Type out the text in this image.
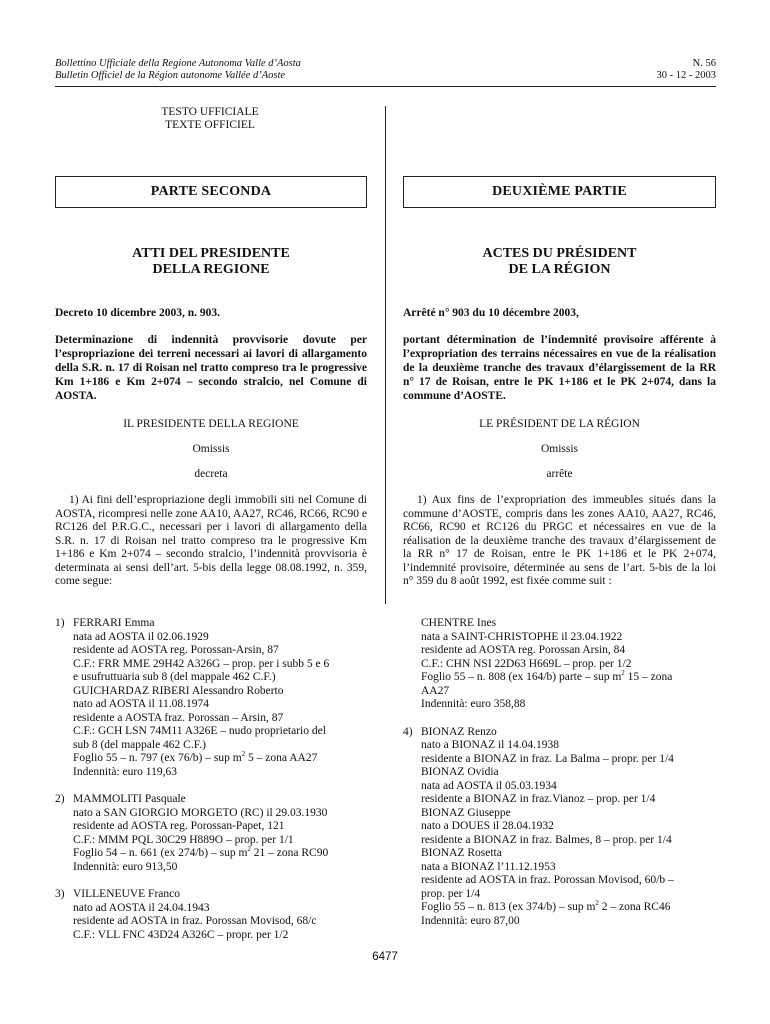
Bollettino Ufficiale della Regione Autonoma Valle d’Aosta
Bulletin Officiel de la Région autonome Vallée d’Aoste
N. 56
30 - 12 - 2003
TESTO UFFICIALE
TEXTE OFFICIEL
PARTE SECONDA	DEUXIÈME PARTIE
ATTI DEL PRESIDENTE
DELLA REGIONE
ACTES DU PRÉSIDENT
DE LA RÉGION
Decreto 10 dicembre 2003, n. 903.	Arrêté n° 903 du 10 décembre 2003,
Determinazione di indennità provvisorie dovute per l’espropriazione dei terreni necessari ai lavori di allargamento della S.R. n. 17 di Roisan nel tratto compreso tra le progressive Km 1+186 e Km 2+074 – secondo stralcio, nel Comune di AOSTA.
portant détermination de l’indemnité provisoire afférente à l’expropriation des terrains nécessaires en vue de la réalisation de la deuxième tranche des travaux d’élargissement de la RR n° 17 de Roisan, entre le PK 1+186 et le PK 2+074, dans la commune d’AOSTE.
IL PRESIDENTE DELLA REGIONE	LE PRÉSIDENT DE LA RÉGION
Omissis	Omissis
decreta	arrête
1) Ai fini dell’espropriazione degli immobili siti nel Comune di AOSTA, ricompresi nelle zone AA10, AA27, RC46, RC66, RC90 e RC126 del P.R.G.C., necessari per i lavori di allargamento della S.R. n. 17 di Roisan nel tratto compreso tra le progressive Km 1+186 e Km 2+074 – secondo stralcio, l’indennità provvisoria è determinata ai sensi dell’art. 5-bis della legge 08.08.1992, n. 359, come segue:
1) Aux fins de l’expropriation des immeubles situés dans la commune d’AOSTE, compris dans les zones AA10, AA27, RC46, RC66, RC90 et RC126 du PRGC et nécessaires en vue de la réalisation de la deuxième tranche des travaux d’élargissement de la RR n° 17 de Roisan, entre le PK 1+186 et le PK 2+074, l’indemnité provisoire, déterminée au sens de l’art. 5-bis de la loi n° 359 du 8 août 1992, est fixée comme suit :
1) FERRARI Emma
nata ad AOSTA il 02.06.1929
residente ad AOSTA reg. Porossan-Arsin, 87
C.F.: FRR MME 29H42 A326G – prop. per i subb 5 e 6
e usufruttuaria sub 8 (del mappale 462 C.F.)
GUICHARDAZ RIBERI Alessandro Roberto
nato ad AOSTA il 11.08.1974
residente a AOSTA fraz. Porossan – Arsin, 87
C.F.: GCH LSN 74M11 A326E – nudo proprietario del
sub 8 (del mappale 462 C.F.)
Foglio 55 – n. 797 (ex 76/b) – sup $m^2$ 5 – zona AA27
Indennità: euro 119,63
2) MAMMOLITI Pasquale
nato a SAN GIORGIO MORGETO (RC) il 29.03.1930
residente ad AOSTA reg. Porossan-Papet, 121
C.F.: MMM PQL 30C29 H889O – prop. per 1/1
Foglio 54 – n. 661 (ex 274/b) – sup $m^2$ 21 – zona RC90
Indennità: euro 913,50
3) VILLENEUVE Franco
nato ad AOSTA il 24.04.1943
residente ad AOSTA in fraz. Porossan Movisod, 68/c
C.F.: VLL FNC 43D24 A326C – propr. per 1/2
CHENTRE Ines
nata a SAINT-CHRISTOPHE il 23.04.1922
residente ad AOSTA reg. Porossan Arsin, 84
C.F.: CHN NSI 22D63 H669L – prop. per 1/2
Foglio 55 – n. 808 (ex 164/b) parte – sup $m^2$ 15 – zona
AA27
Indennità: euro 358,88
4) BIONAZ Renzo
nato a BIONAZ il 14.04.1938
residente a BIONAZ in fraz. La Balma – propr. per 1/4
BIONAZ Ovidia
nata ad AOSTA il 05.03.1934
residente a BIONAZ in fraz.Vianoz – prop. per 1/4
BIONAZ Giuseppe
nato a DOUES il 28.04.1932
residente a BIONAZ in fraz. Balmes, 8 – prop. per 1/4
BIONAZ Rosetta
nata a BIONAZ l’11.12.1953
residente ad AOSTA in fraz. Porossan Movisod, 60/b –
prop. per 1/4
Foglio 55 – n. 813 (ex 374/b) – sup $m^2$ 2 – zona RC46
Indennità: euro 87,00
6477
